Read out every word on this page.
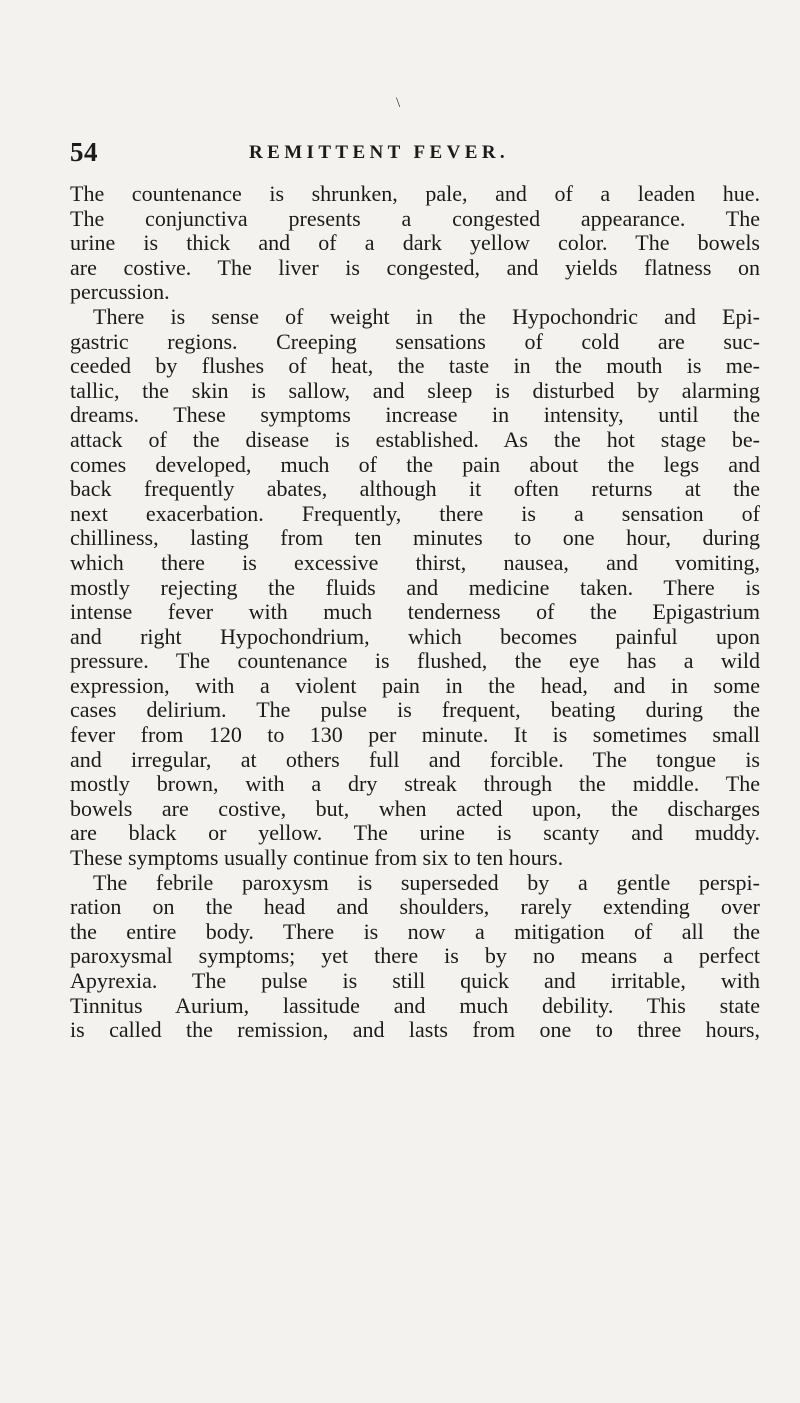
\
54	REMITTENT FEVER.
The countenance is shrunken, pale, and of a leaden hue.
The conjunctiva presents a congested appearance. The
urine is thick and of a dark yellow color. The bowels
are costive. The liver is congested, and yields flatness on
percussion.
There is sense of weight in the Hypochondric and Epi-
gastric regions. Creeping sensations of cold are suc-
ceeded by flushes of heat, the taste in the mouth is me-
tallic, the skin is sallow, and sleep is disturbed by alarming
dreams. These symptoms increase in intensity, until the
attack of the disease is established. As the hot stage be-
comes developed, much of the pain about the legs and
back frequently abates, although it often returns at the
next exacerbation. Frequently, there is a sensation of
chilliness, lasting from ten minutes to one hour, during
which there is excessive thirst, nausea, and vomiting,
mostly rejecting the fluids and medicine taken. There is
intense fever with much tenderness of the Epigastrium
and right Hypochondrium, which becomes painful upon
pressure. The countenance is flushed, the eye has a wild
expression, with a violent pain in the head, and in some
cases delirium. The pulse is frequent, beating during the
fever from 120 to 130 per minute. It is sometimes small
and irregular, at others full and forcible. The tongue is
mostly brown, with a dry streak through the middle. The
bowels are costive, but, when acted upon, the discharges
are black or yellow. The urine is scanty and muddy.
These symptoms usually continue from six to ten hours.
The febrile paroxysm is superseded by a gentle perspi-
ration on the head and shoulders, rarely extending over
the entire body. There is now a mitigation of all the
paroxysmal symptoms; yet there is by no means a perfect
Apyrexia. The pulse is still quick and irritable, with
Tinnitus Aurium, lassitude and much debility. This state
is called the remission, and lasts from one to three hours,
